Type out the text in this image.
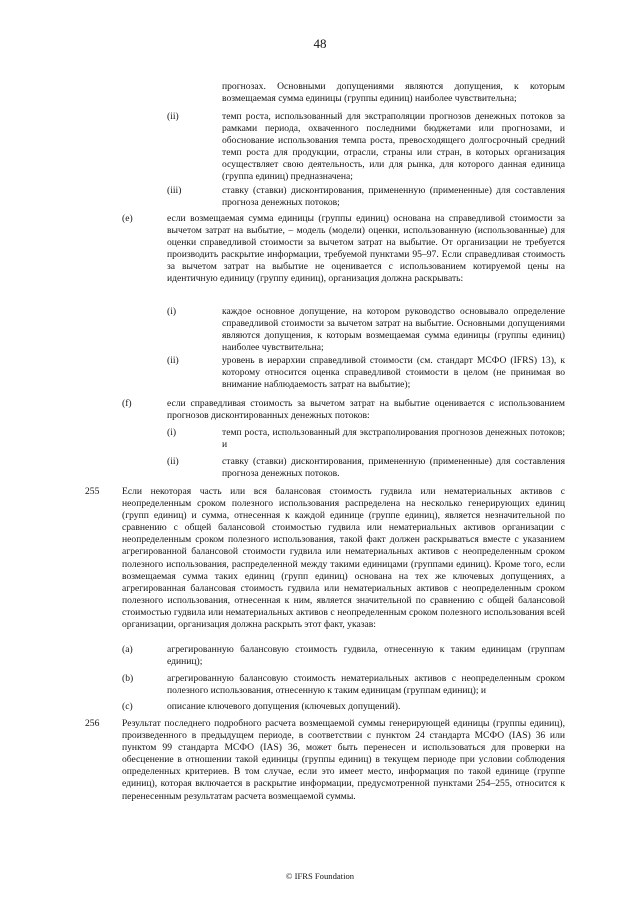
48
прогнозах. Основными допущениями являются допущения, к которым возмещаемая сумма единицы (группы единиц) наиболее чувствительна;
(ii)	темп роста, использованный для экстраполяции прогнозов денежных потоков за рамками периода, охваченного последними бюджетами или прогнозами, и обоснование использования темпа роста, превосходящего долгосрочный средний темп роста для продукции, отрасли, страны или стран, в которых организация осуществляет свою деятельность, или для рынка, для которого данная единица (группа единиц) предназначена;
(iii)	ставку (ставки) дисконтирования, примененную (примененные) для составления прогноза денежных потоков;
(e)	если возмещаемая сумма единицы (группы единиц) основана на справедливой стоимости за вычетом затрат на выбытие, – модель (модели) оценки, использованную (использованные) для оценки справедливой стоимости за вычетом затрат на выбытие. От организации не требуется производить раскрытие информации, требуемой пунктами 95–97. Если справедливая стоимость за вычетом затрат на выбытие не оценивается с использованием котируемой цены на идентичную единицу (группу единиц), организация должна раскрывать:
(i)	каждое основное допущение, на котором руководство основывало определение справедливой стоимости за вычетом затрат на выбытие. Основными допущениями являются допущения, к которым возмещаемая сумма единицы (группы единиц) наиболее чувствительна;
(ii)	уровень в иерархии справедливой стоимости (см. стандарт МСФО (IFRS) 13), к которому относится оценка справедливой стоимости в целом (не принимая во внимание наблюдаемость затрат на выбытие);
(f)	если справедливая стоимость за вычетом затрат на выбытие оценивается с использованием прогнозов дисконтированных денежных потоков:
(i)	темп роста, использованный для экстраполирования прогнозов денежных потоков; и
(ii)	ставку (ставки) дисконтирования, примененную (примененные) для составления прогноза денежных потоков.
255 Если некоторая часть или вся балансовая стоимость гудвила или нематериальных активов с неопределенным сроком полезного использования распределена на несколько генерирующих единиц (групп единиц) и сумма, отнесенная к каждой единице (группе единиц), является незначительной по сравнению с общей балансовой стоимостью гудвила или нематериальных активов организации с неопределенным сроком полезного использования, такой факт должен раскрываться вместе с указанием агрегированной балансовой стоимости гудвила или нематериальных активов с неопределенным сроком полезного использования, распределенной между такими единицами (группами единиц). Кроме того, если возмещаемая сумма таких единиц (групп единиц) основана на тех же ключевых допущениях, а агрегированная балансовая стоимость гудвила или нематериальных активов с неопределенным сроком полезного использования, отнесенная к ним, является значительной по сравнению с общей балансовой стоимостью гудвила или нематериальных активов с неопределенным сроком полезного использования всей организации, организация должна раскрыть этот факт, указав:
(a)	агрегированную балансовую стоимость гудвила, отнесенную к таким единицам (группам единиц);
(b)	агрегированную балансовую стоимость нематериальных активов с неопределенным сроком полезного использования, отнесенную к таким единицам (группам единиц); и
(c)	описание ключевого допущения (ключевых допущений).
256 Результат последнего подробного расчета возмещаемой суммы генерирующей единицы (группы единиц), произведенного в предыдущем периоде, в соответствии с пунктом 24 стандарта МСФО (IAS) 36 или пунктом 99 стандарта МСФО (IAS) 36, может быть перенесен и использоваться для проверки на обесценение в отношении такой единицы (группы единиц) в текущем периоде при условии соблюдения определенных критериев. В том случае, если это имеет место, информация по такой единице (группе единиц), которая включается в раскрытие информации, предусмотренной пунктами 254–255, относится к перенесенным результатам расчета возмещаемой суммы.
© IFRS Foundation
